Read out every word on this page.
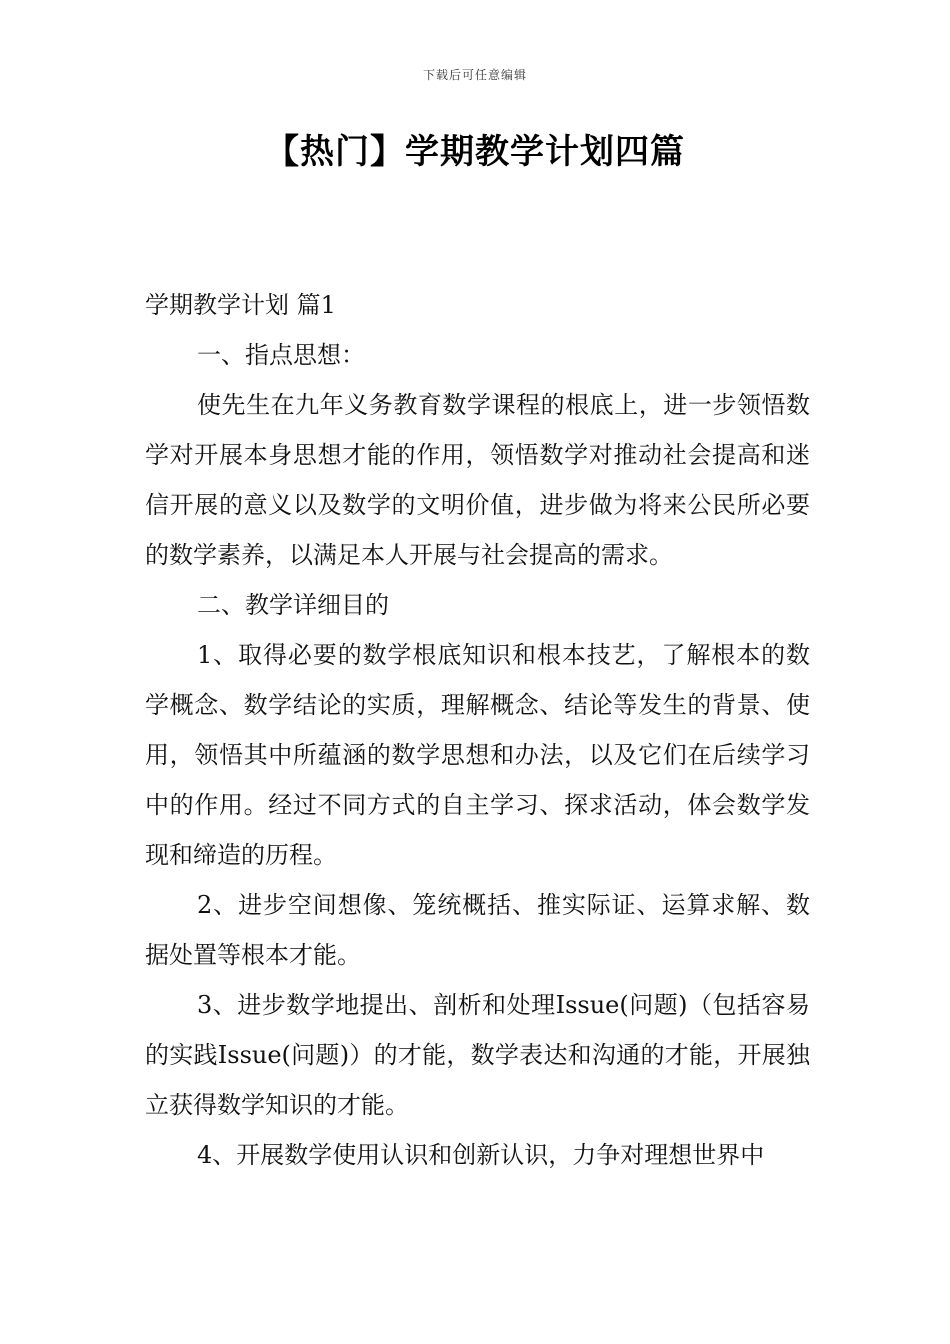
下载后可任意编辑
【热门】学期教学计划四篇

学期教学计划 篇1

一、指点思想：

使先生在九年义务教育数学课程的根底上，进一步领悟数学对开展本身思想才能的作用，领悟数学对推动社会提高和迷信开展的意义以及数学的文明价值，进步做为将来公民所必要的数学素养，以满足本人开展与社会提高的需求。

二、教学详细目的

1、取得必要的数学根底知识和根本技艺，了解根本的数学概念、数学结论的实质，理解概念、结论等发生的背景、使用，领悟其中所蕴涵的数学思想和办法，以及它们在后续学习中的作用。经过不同方式的自主学习、探求活动，体会数学发现和缔造的历程。

2、进步空间想像、笼统概括、推实际证、运算求解、数据处置等根本才能。

3、进步数学地提出、剖析和处理Issue(问题)（包括容易的实践Issue(问题)）的才能，数学表达和沟通的才能，开展独立获得数学知识的才能。

4、开展数学使用认识和创新认识，力争对理想世界中
